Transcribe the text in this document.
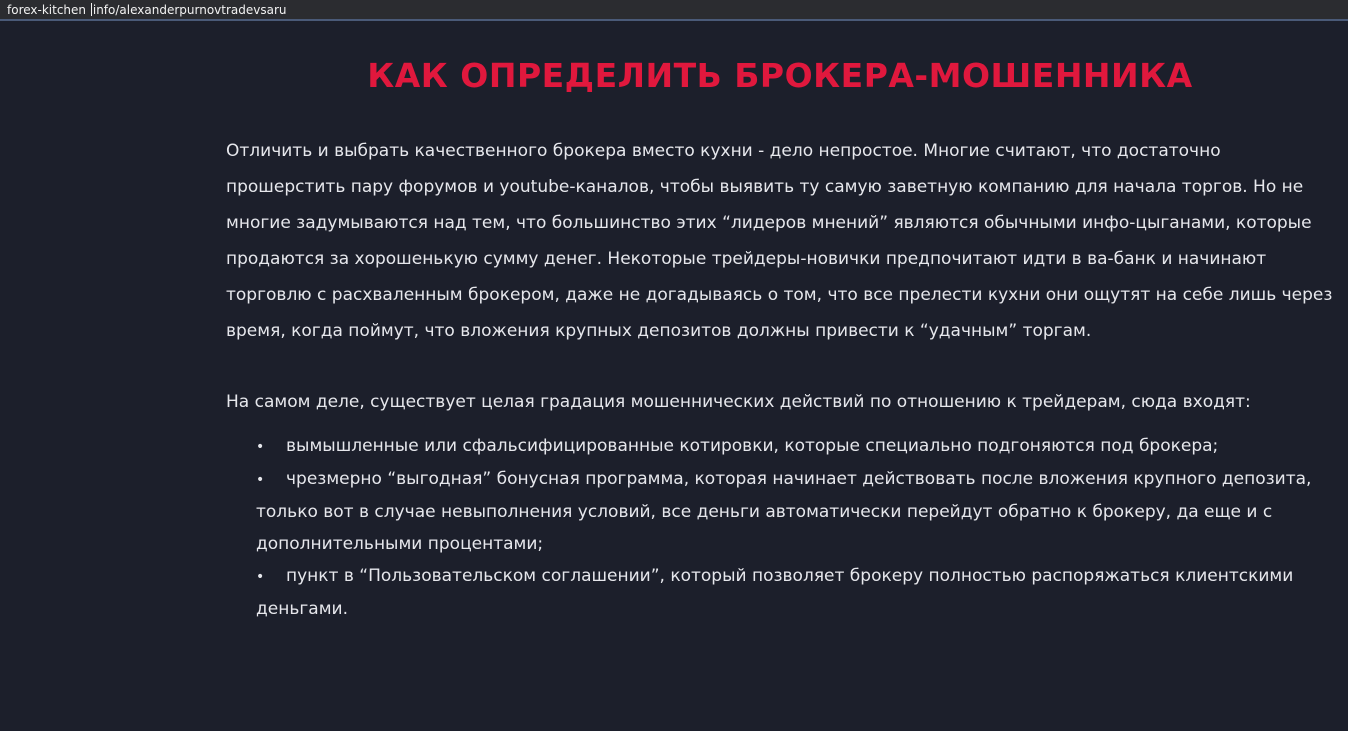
forex-kitchen info/alexanderpurnovtradevsaru
КАК ОПРЕДЕЛИТЬ БРОКЕРА-МОШЕННИКА

Отличить и выбрать качественного брокера вместо кухни - дело непростое. Многие считают, что достаточно прошерстить пару форумов и youtube-каналов, чтобы выявить ту самую заветную компанию для начала торгов. Но не многие задумываются над тем, что большинство этих “лидеров мнений” являются обычными инфо-цыганами, которые продаются за хорошенькую сумму денег. Некоторые трейдеры-новички предпочитают идти в ва-банк и начинают торговлю с расхваленным брокером, даже не догадываясь о том, что все прелести кухни они ощутят на себе лишь через время, когда поймут, что вложения крупных депозитов должны привести к “удачным” торгам.

На самом деле, существует целая градация мошеннических действий по отношению к трейдерам, сюда входят:

• вымышленные или сфальсифицированные котировки, которые специально подгоняются под брокера;
• чрезмерно “выгодная” бонусная программа, которая начинает действовать после вложения крупного депозита, только вот в случае невыполнения условий, все деньги автоматически перейдут обратно к брокеру, да еще и с дополнительными процентами;
• пункт в “Пользовательском соглашении”, который позволяет брокеру полностью распоряжаться клиентскими деньгами.
